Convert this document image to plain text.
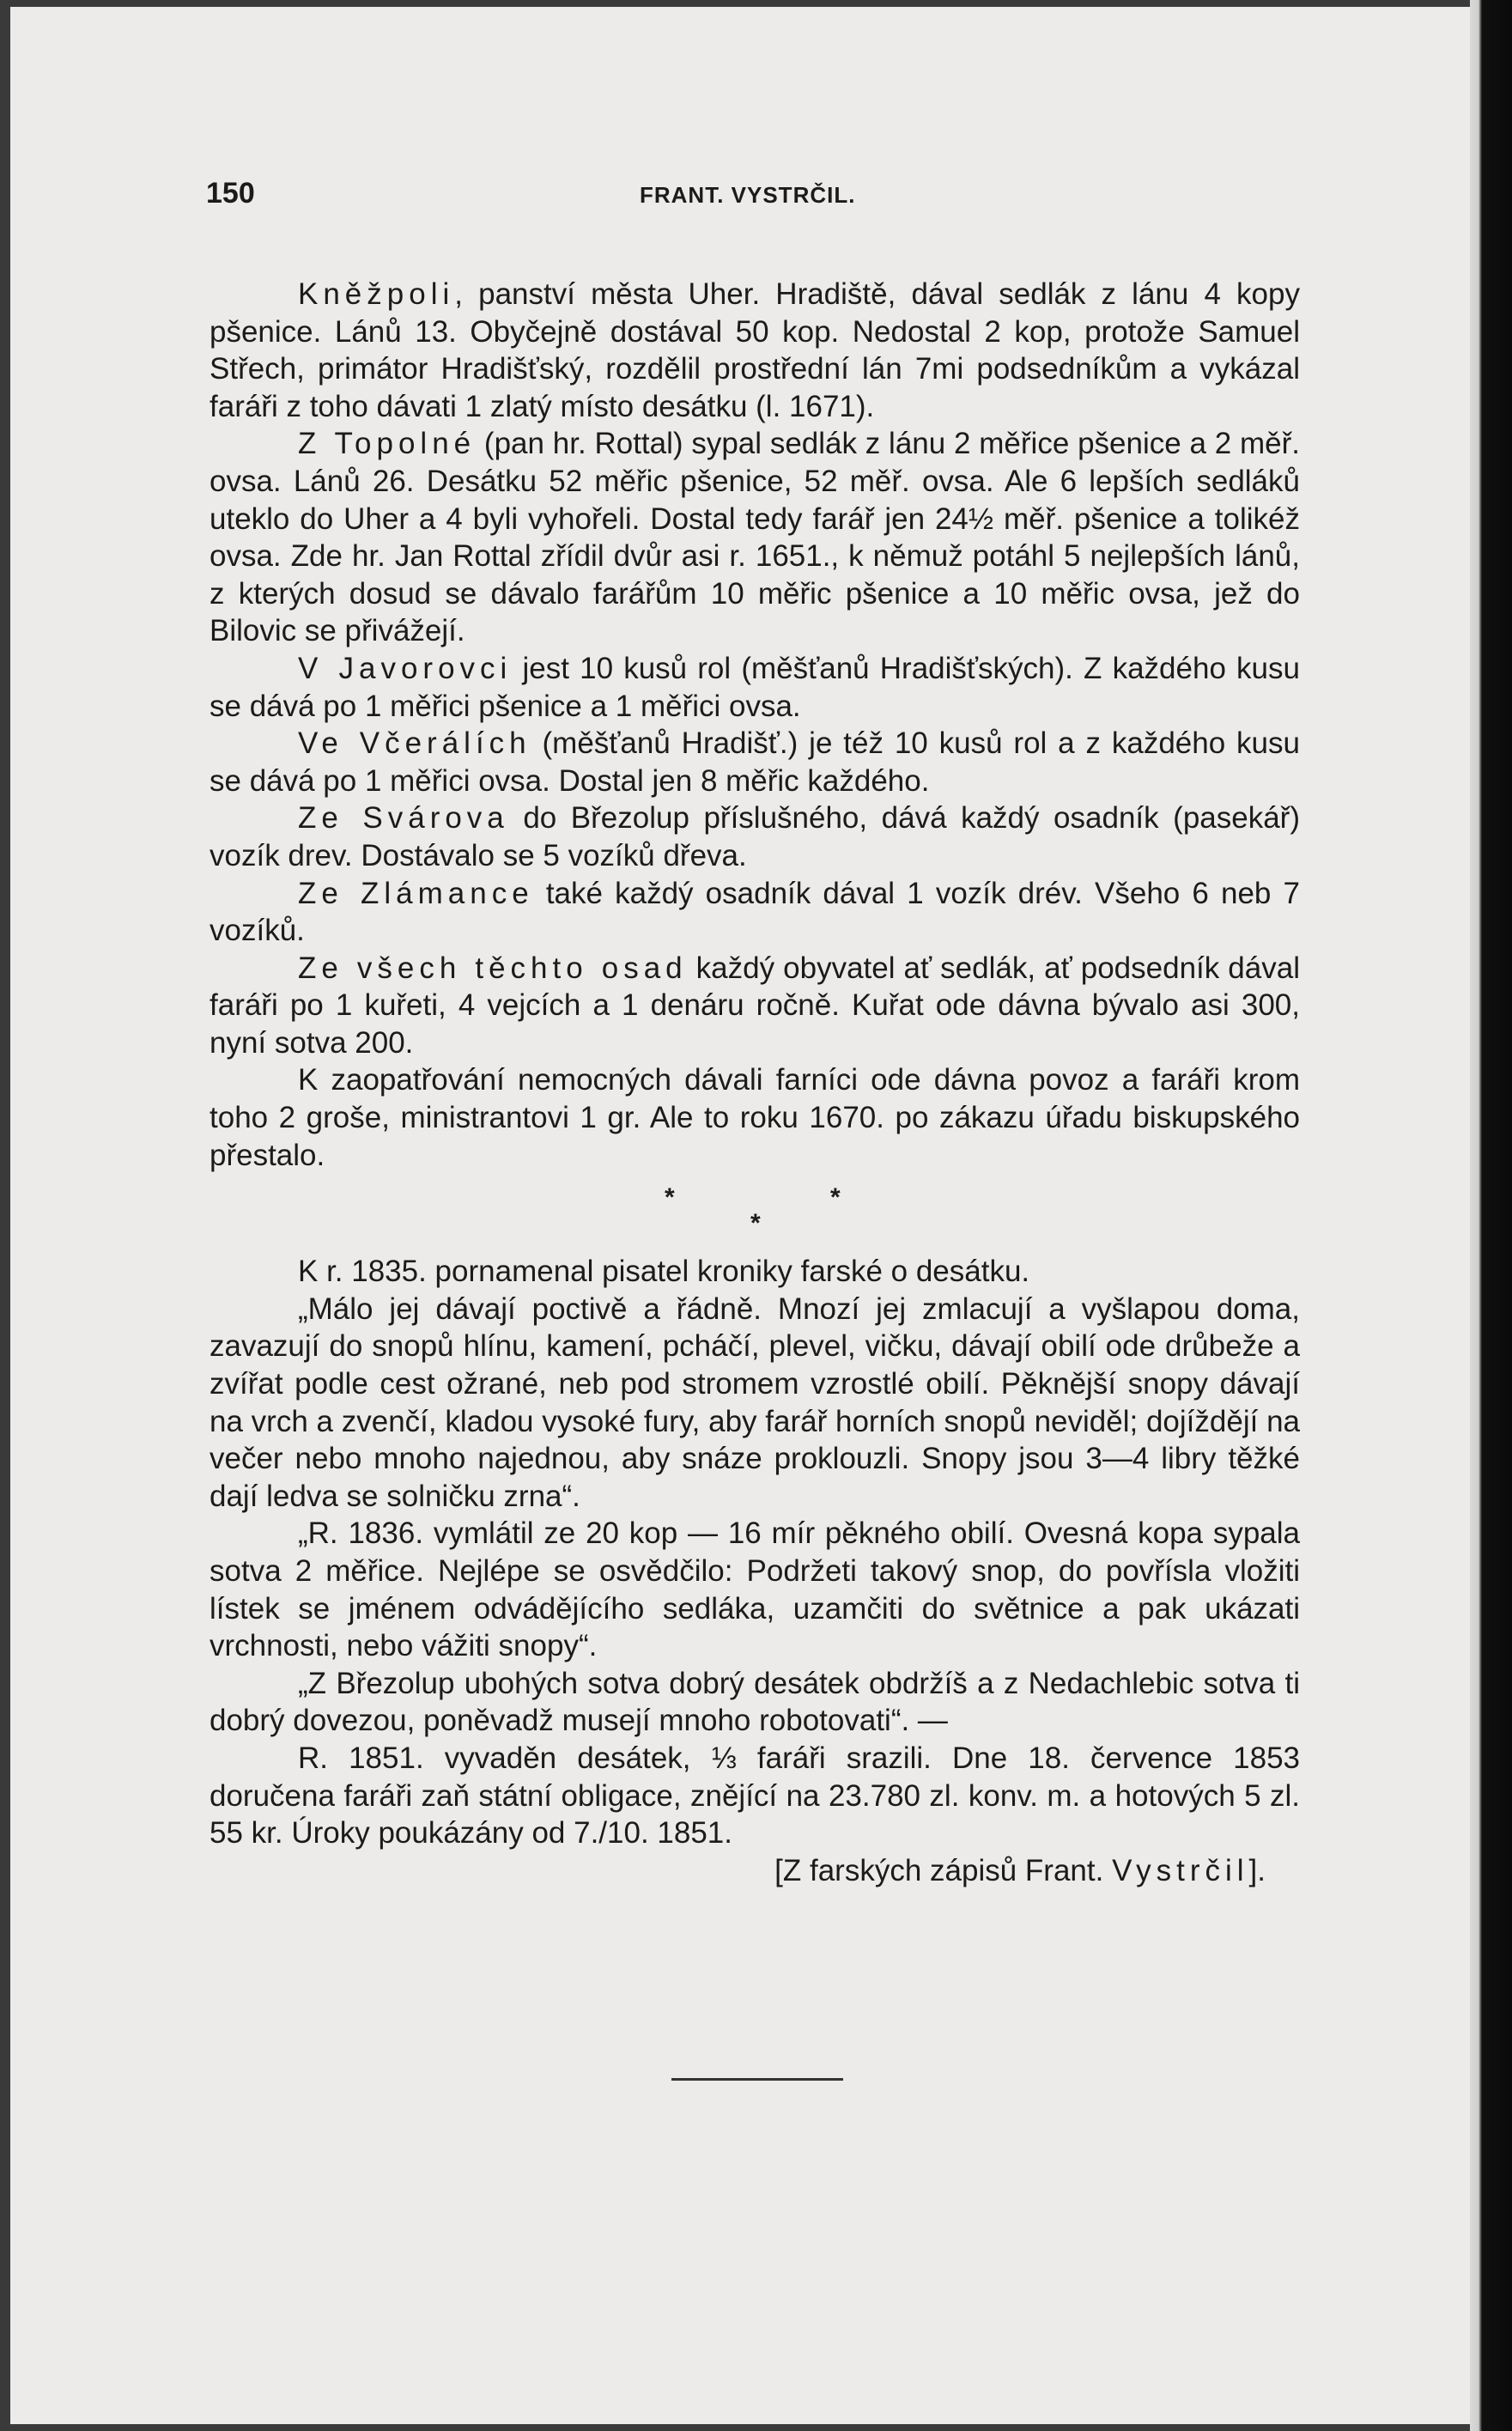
150	FRANT. VYSTRČIL.

Kněžpoli, panství města Uher. Hradiště, dával sedlák z lánu 4 kopy pšenice. Lánů 13. Obyčejně dostával 50 kop. Nedostal 2 kop, protože Samuel Střech, primátor Hradišťský, rozdělil prostřední lán 7mi podsedníkům a vykázal faráři z toho dávati 1 zlatý místo desátku (l. 1671).

Z Topolné (pan hr. Rottal) sypal sedlák z lánu 2 měřice pšenice a 2 měř. ovsa. Lánů 26. Desátku 52 měřic pšenice, 52 měř. ovsa. Ale 6 lepších sedláků uteklo do Uher a 4 byli vyhořeli. Dostal tedy farář jen 24½ měř. pšenice a tolikéž ovsa. Zde hr. Jan Rottal zřídil dvůr asi r. 1651., k němuž potáhl 5 nejlepších lánů, z kterých dosud se dávalo farářům 10 měřic pšenice a 10 měřic ovsa, jež do Bilovic se přivážejí.

V Javorovci jest 10 kusů rol (měšťanů Hradišťských). Z každého kusu se dává po 1 měřici pšenice a 1 měřici ovsa.

Ve Včerálích (měšťanů Hradišť.) je též 10 kusů rol a z každého kusu se dává po 1 měřici ovsa. Dostal jen 8 měřic každého.

Ze Svárova do Březolup příslušného, dává každý osadník (pasekář) vozík drev. Dostávalo se 5 vozíků dřeva.

Ze Zlámance také každý osadník dával 1 vozík drév. Všeho 6 neb 7 vozíků.

Ze všech těchto osad každý obyvatel ať sedlák, ať podsedník dával faráři po 1 kuřeti, 4 vejcích a 1 denáru ročně. Kuřat ode dávna bývalo asi 300, nyní sotva 200.

K zaopatřování nemocných dávali farníci ode dávna povoz a faráři krom toho 2 groše, ministrantovi 1 gr. Ale to roku 1670. po zákazu úřadu biskupského přestalo.

*	*
*

K r. 1835. pornamenal pisatel kroniky farské o desátku.

„Málo jej dávají poctivě a řádně. Mnozí jej zmlacují a vyšlapou doma, zavazují do snopů hlínu, kamení, pcháčí, plevel, vičku, dávají obilí ode drůbeže a zvířat podle cest ožrané, neb pod stromem vzrostlé obilí. Pěknější snopy dávají na vrch a zvenčí, kladou vysoké fury, aby farář horních snopů neviděl; dojíždějí na večer nebo mnoho najednou, aby snáze proklouzli. Snopy jsou 3—4 libry těžké dají ledva se solničku zrna“.

„R. 1836. vymlátil ze 20 kop — 16 mír pěkného obilí. Ovesná kopa sypala sotva 2 měřice. Nejlépe se osvědčilo: Podržeti takový snop, do povřísla vložiti lístek se jménem odvádějícího sedláka, uzamčiti do světnice a pak ukázati vrchnosti, nebo vážiti snopy“.

„Z Březolup ubohých sotva dobrý desátek obdržíš a z Nedachlebic sotva ti dobrý dovezou, poněvadž musejí mnoho robotovati“. —

R. 1851. vyvaděn desátek, ⅓ faráři srazili. Dne 18. července 1853 doručena faráři zaň státní obligace, znějící na 23.780 zl. konv. m. a hotových 5 zl. 55 kr. Úroky poukázány od 7./10. 1851.

[Z farských zápisů Frant. Vystrčil].
